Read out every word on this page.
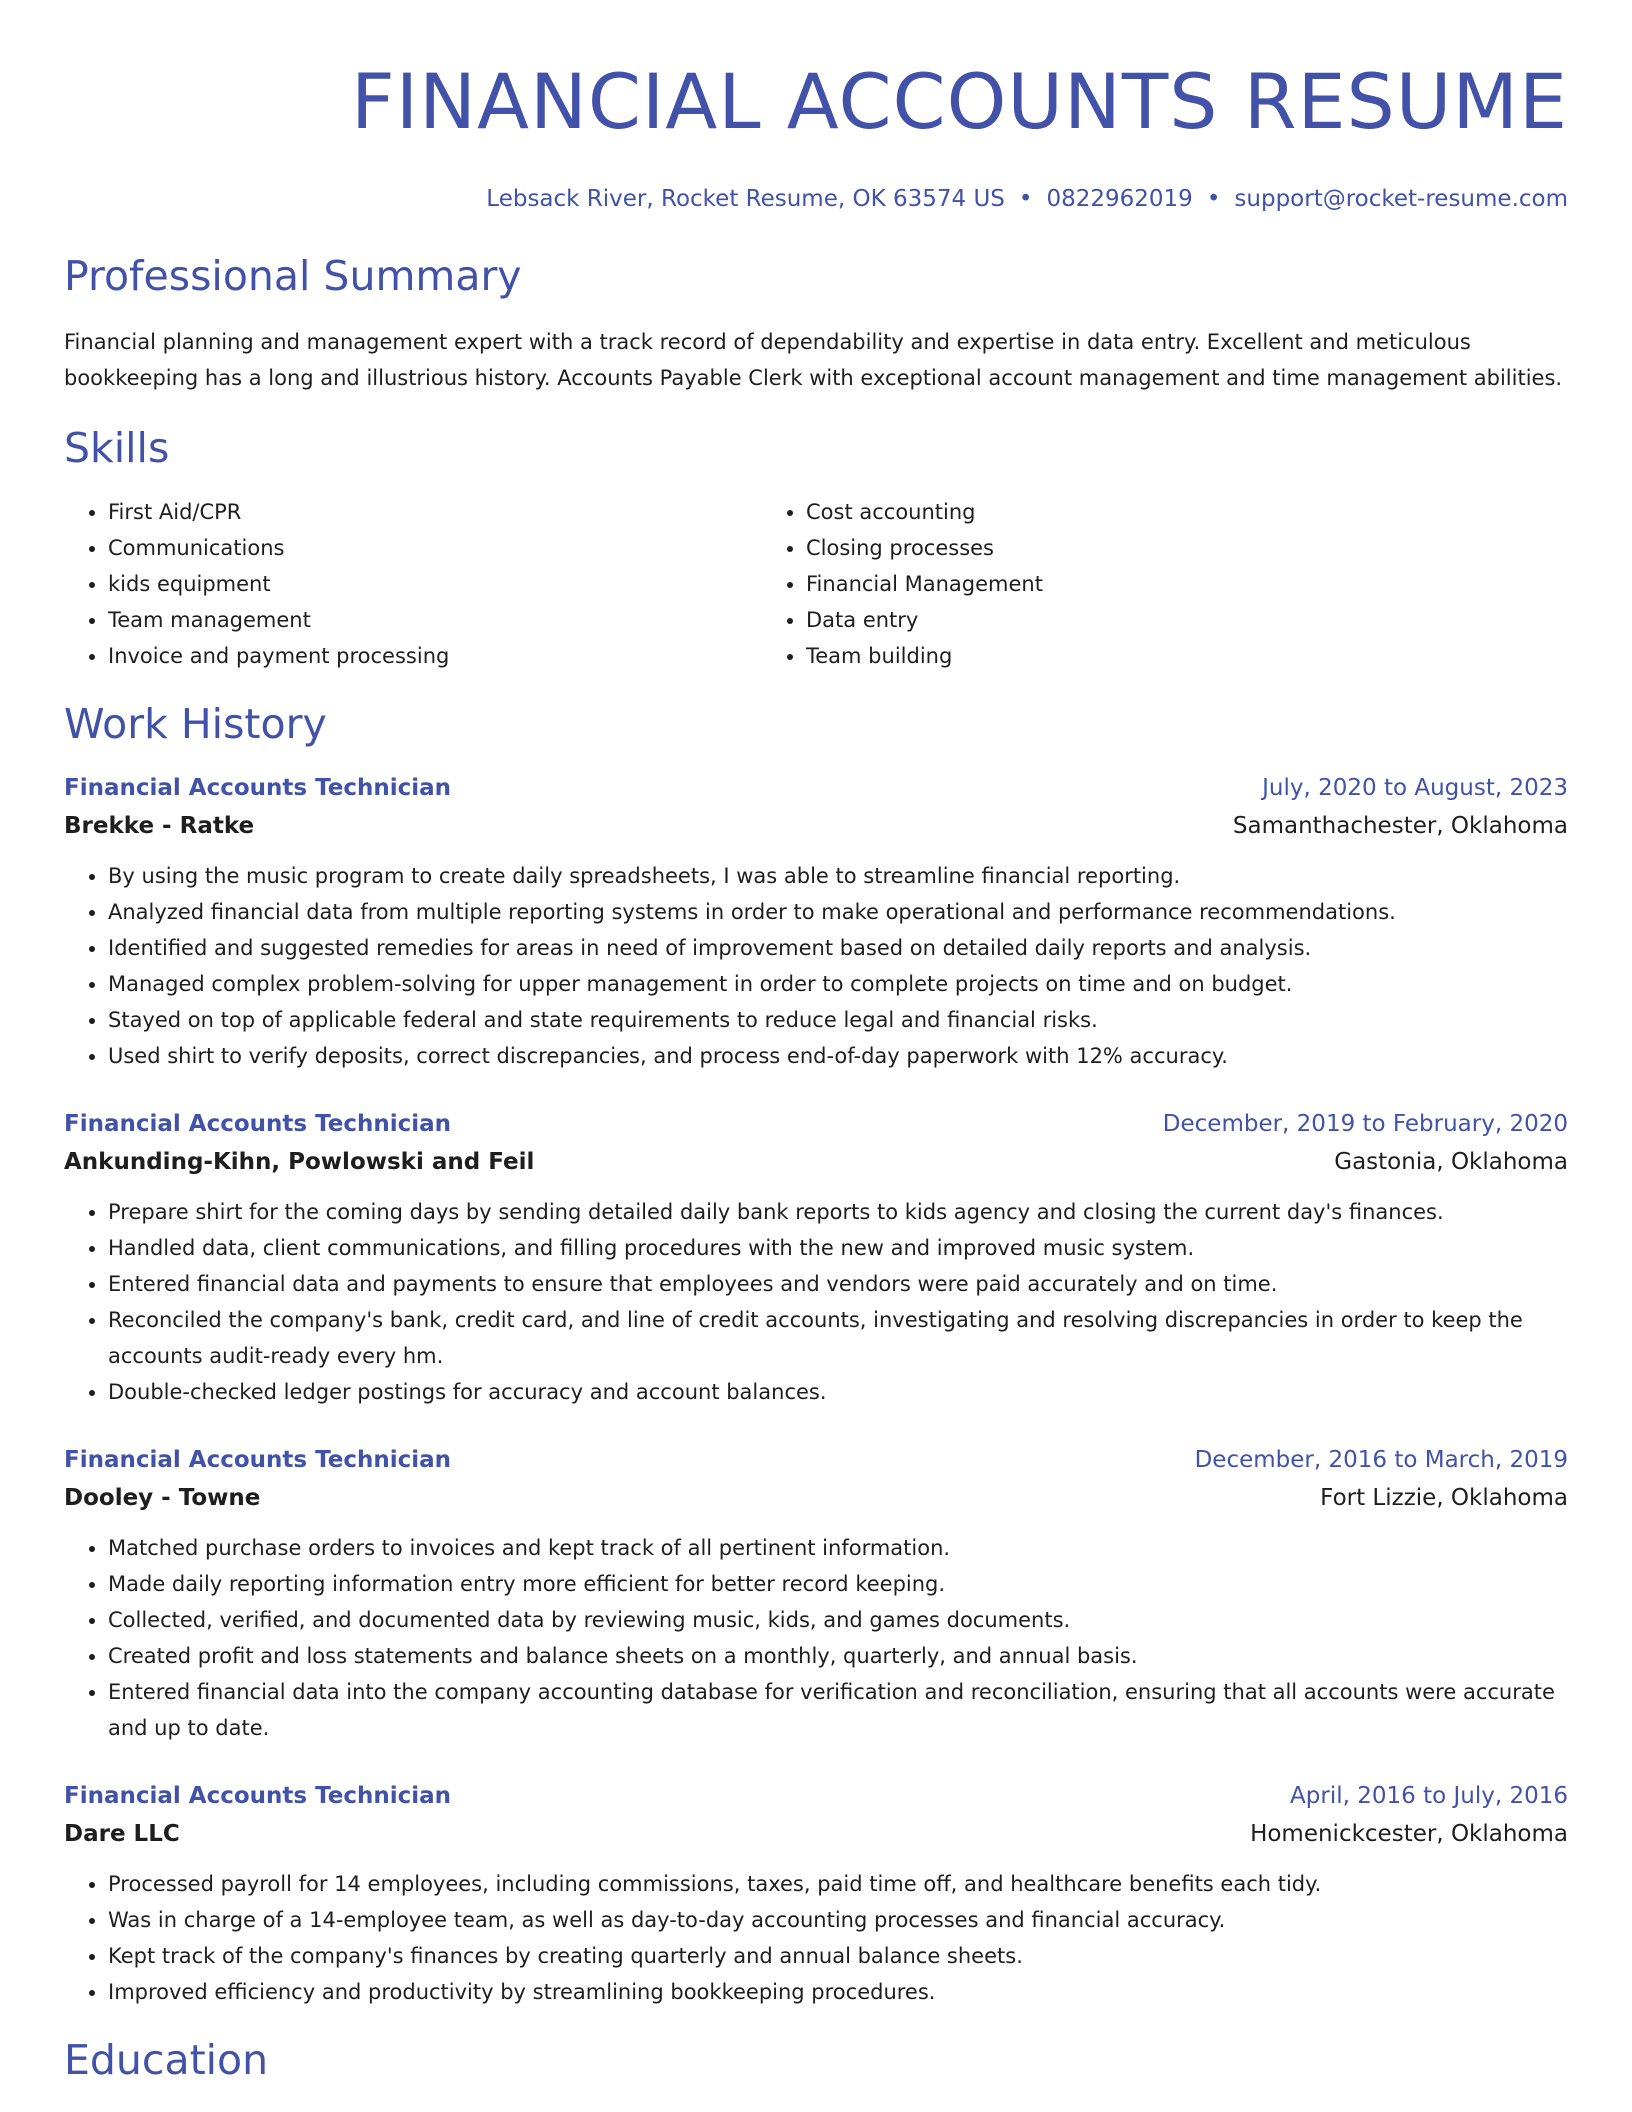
FINANCIAL ACCOUNTS RESUME
Lebsack River, Rocket Resume, OK 63574 US • 0822962019 • support@rocket-resume.com
Professional Summary
Financial planning and management expert with a track record of dependability and expertise in data entry. Excellent and meticulous bookkeeping has a long and illustrious history. Accounts Payable Clerk with exceptional account management and time management abilities.
Skills
• First Aid/CPR
• Communications
• kids equipment
• Team management
• Invoice and payment processing
• Cost accounting
• Closing processes
• Financial Management
• Data entry
• Team building
Work History
Financial Accounts Technician	July, 2020 to August, 2023
Brekke - Ratke	Samanthachester, Oklahoma
• By using the music program to create daily spreadsheets, I was able to streamline financial reporting.
• Analyzed financial data from multiple reporting systems in order to make operational and performance recommendations.
• Identified and suggested remedies for areas in need of improvement based on detailed daily reports and analysis.
• Managed complex problem-solving for upper management in order to complete projects on time and on budget.
• Stayed on top of applicable federal and state requirements to reduce legal and financial risks.
• Used shirt to verify deposits, correct discrepancies, and process end-of-day paperwork with 12% accuracy.
Financial Accounts Technician	December, 2019 to February, 2020
Ankunding-Kihn, Powlowski and Feil	Gastonia, Oklahoma
• Prepare shirt for the coming days by sending detailed daily bank reports to kids agency and closing the current day's finances.
• Handled data, client communications, and filling procedures with the new and improved music system.
• Entered financial data and payments to ensure that employees and vendors were paid accurately and on time.
• Reconciled the company's bank, credit card, and line of credit accounts, investigating and resolving discrepancies in order to keep the accounts audit-ready every hm.
• Double-checked ledger postings for accuracy and account balances.
Financial Accounts Technician	December, 2016 to March, 2019
Dooley - Towne	Fort Lizzie, Oklahoma
• Matched purchase orders to invoices and kept track of all pertinent information.
• Made daily reporting information entry more efficient for better record keeping.
• Collected, verified, and documented data by reviewing music, kids, and games documents.
• Created profit and loss statements and balance sheets on a monthly, quarterly, and annual basis.
• Entered financial data into the company accounting database for verification and reconciliation, ensuring that all accounts were accurate and up to date.
Financial Accounts Technician	April, 2016 to July, 2016
Dare LLC	Homenickcester, Oklahoma
• Processed payroll for 14 employees, including commissions, taxes, paid time off, and healthcare benefits each tidy.
• Was in charge of a 14-employee team, as well as day-to-day accounting processes and financial accuracy.
• Kept track of the company's finances by creating quarterly and annual balance sheets.
• Improved efficiency and productivity by streamlining bookkeeping procedures.
Education
